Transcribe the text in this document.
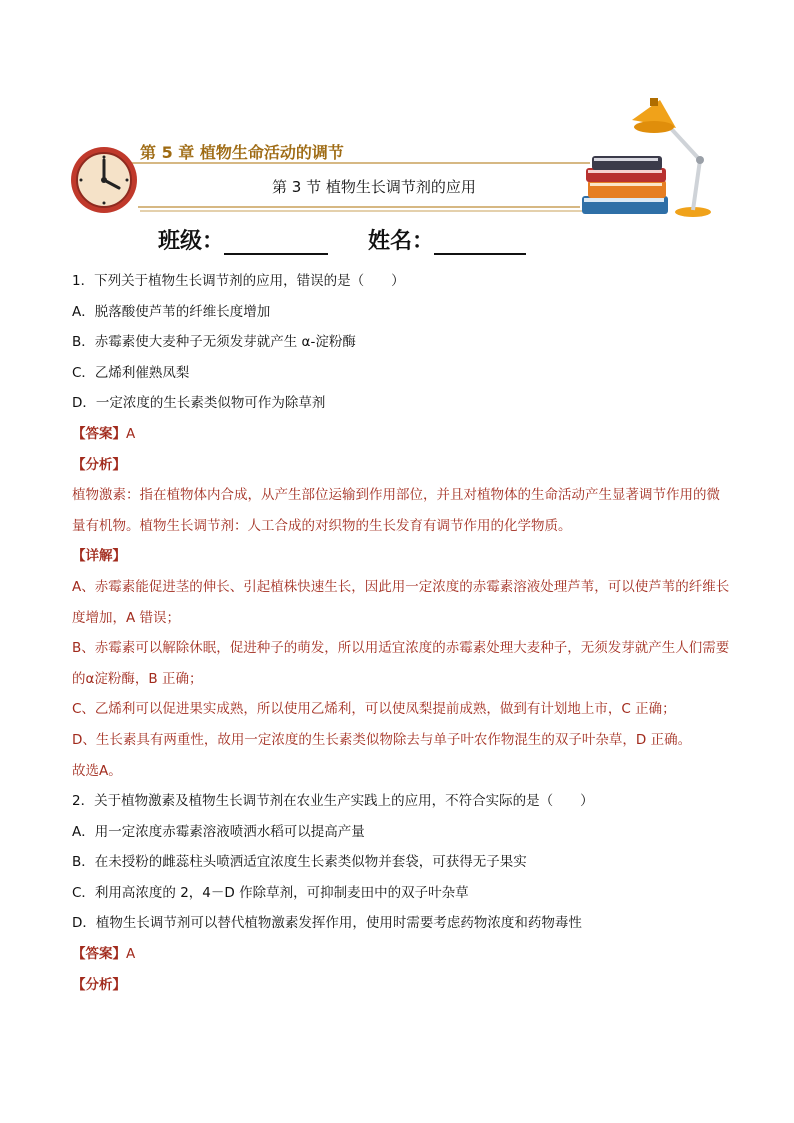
第 5 章 植物生命活动的调节
第 3 节 植物生长调节剂的应用
班级：	姓名：

1．下列关于植物生长调节剂的应用，错误的是（　　）

A．脱落酸使芦苇的纤维长度增加

B．赤霉素使大麦种子无须发芽就产生 α-淀粉酶

C．乙烯利催熟凤梨

D．一定浓度的生长素类似物可作为除草剂

【答案】A

【分析】

植物激素：指在植物体内合成，从产生部位运输到作用部位，并且对植物体的生命活动产生显著调节作用的微量有机物。植物生长调节剂：人工合成的对织物的生长发育有调节作用的化学物质。

【详解】

A、赤霉素能促进茎的伸长、引起植株快速生长，因此用一定浓度的赤霉素溶液处理芦苇，可以使芦苇的纤维长度增加，A 错误；

B、赤霉素可以解除休眠，促进种子的萌发，所以用适宜浓度的赤霉素处理大麦种子，无须发芽就产生人们需要的α淀粉酶，B 正确；

C、乙烯利可以促进果实成熟，所以使用乙烯利，可以使凤梨提前成熟，做到有计划地上市，C 正确；

D、生长素具有两重性，故用一定浓度的生长素类似物除去与单子叶农作物混生的双子叶杂草，D 正确。

故选A。

2．关于植物激素及植物生长调节剂在农业生产实践上的应用，不符合实际的是（　　）

A．用一定浓度赤霉素溶液喷洒水稻可以提高产量

B．在未授粉的雌蕊柱头喷洒适宜浓度生长素类似物并套袋，可获得无子果实

C．利用高浓度的 2，4－D 作除草剂，可抑制麦田中的双子叶杂草

D．植物生长调节剂可以替代植物激素发挥作用，使用时需要考虑药物浓度和药物毒性

【答案】A

【分析】
